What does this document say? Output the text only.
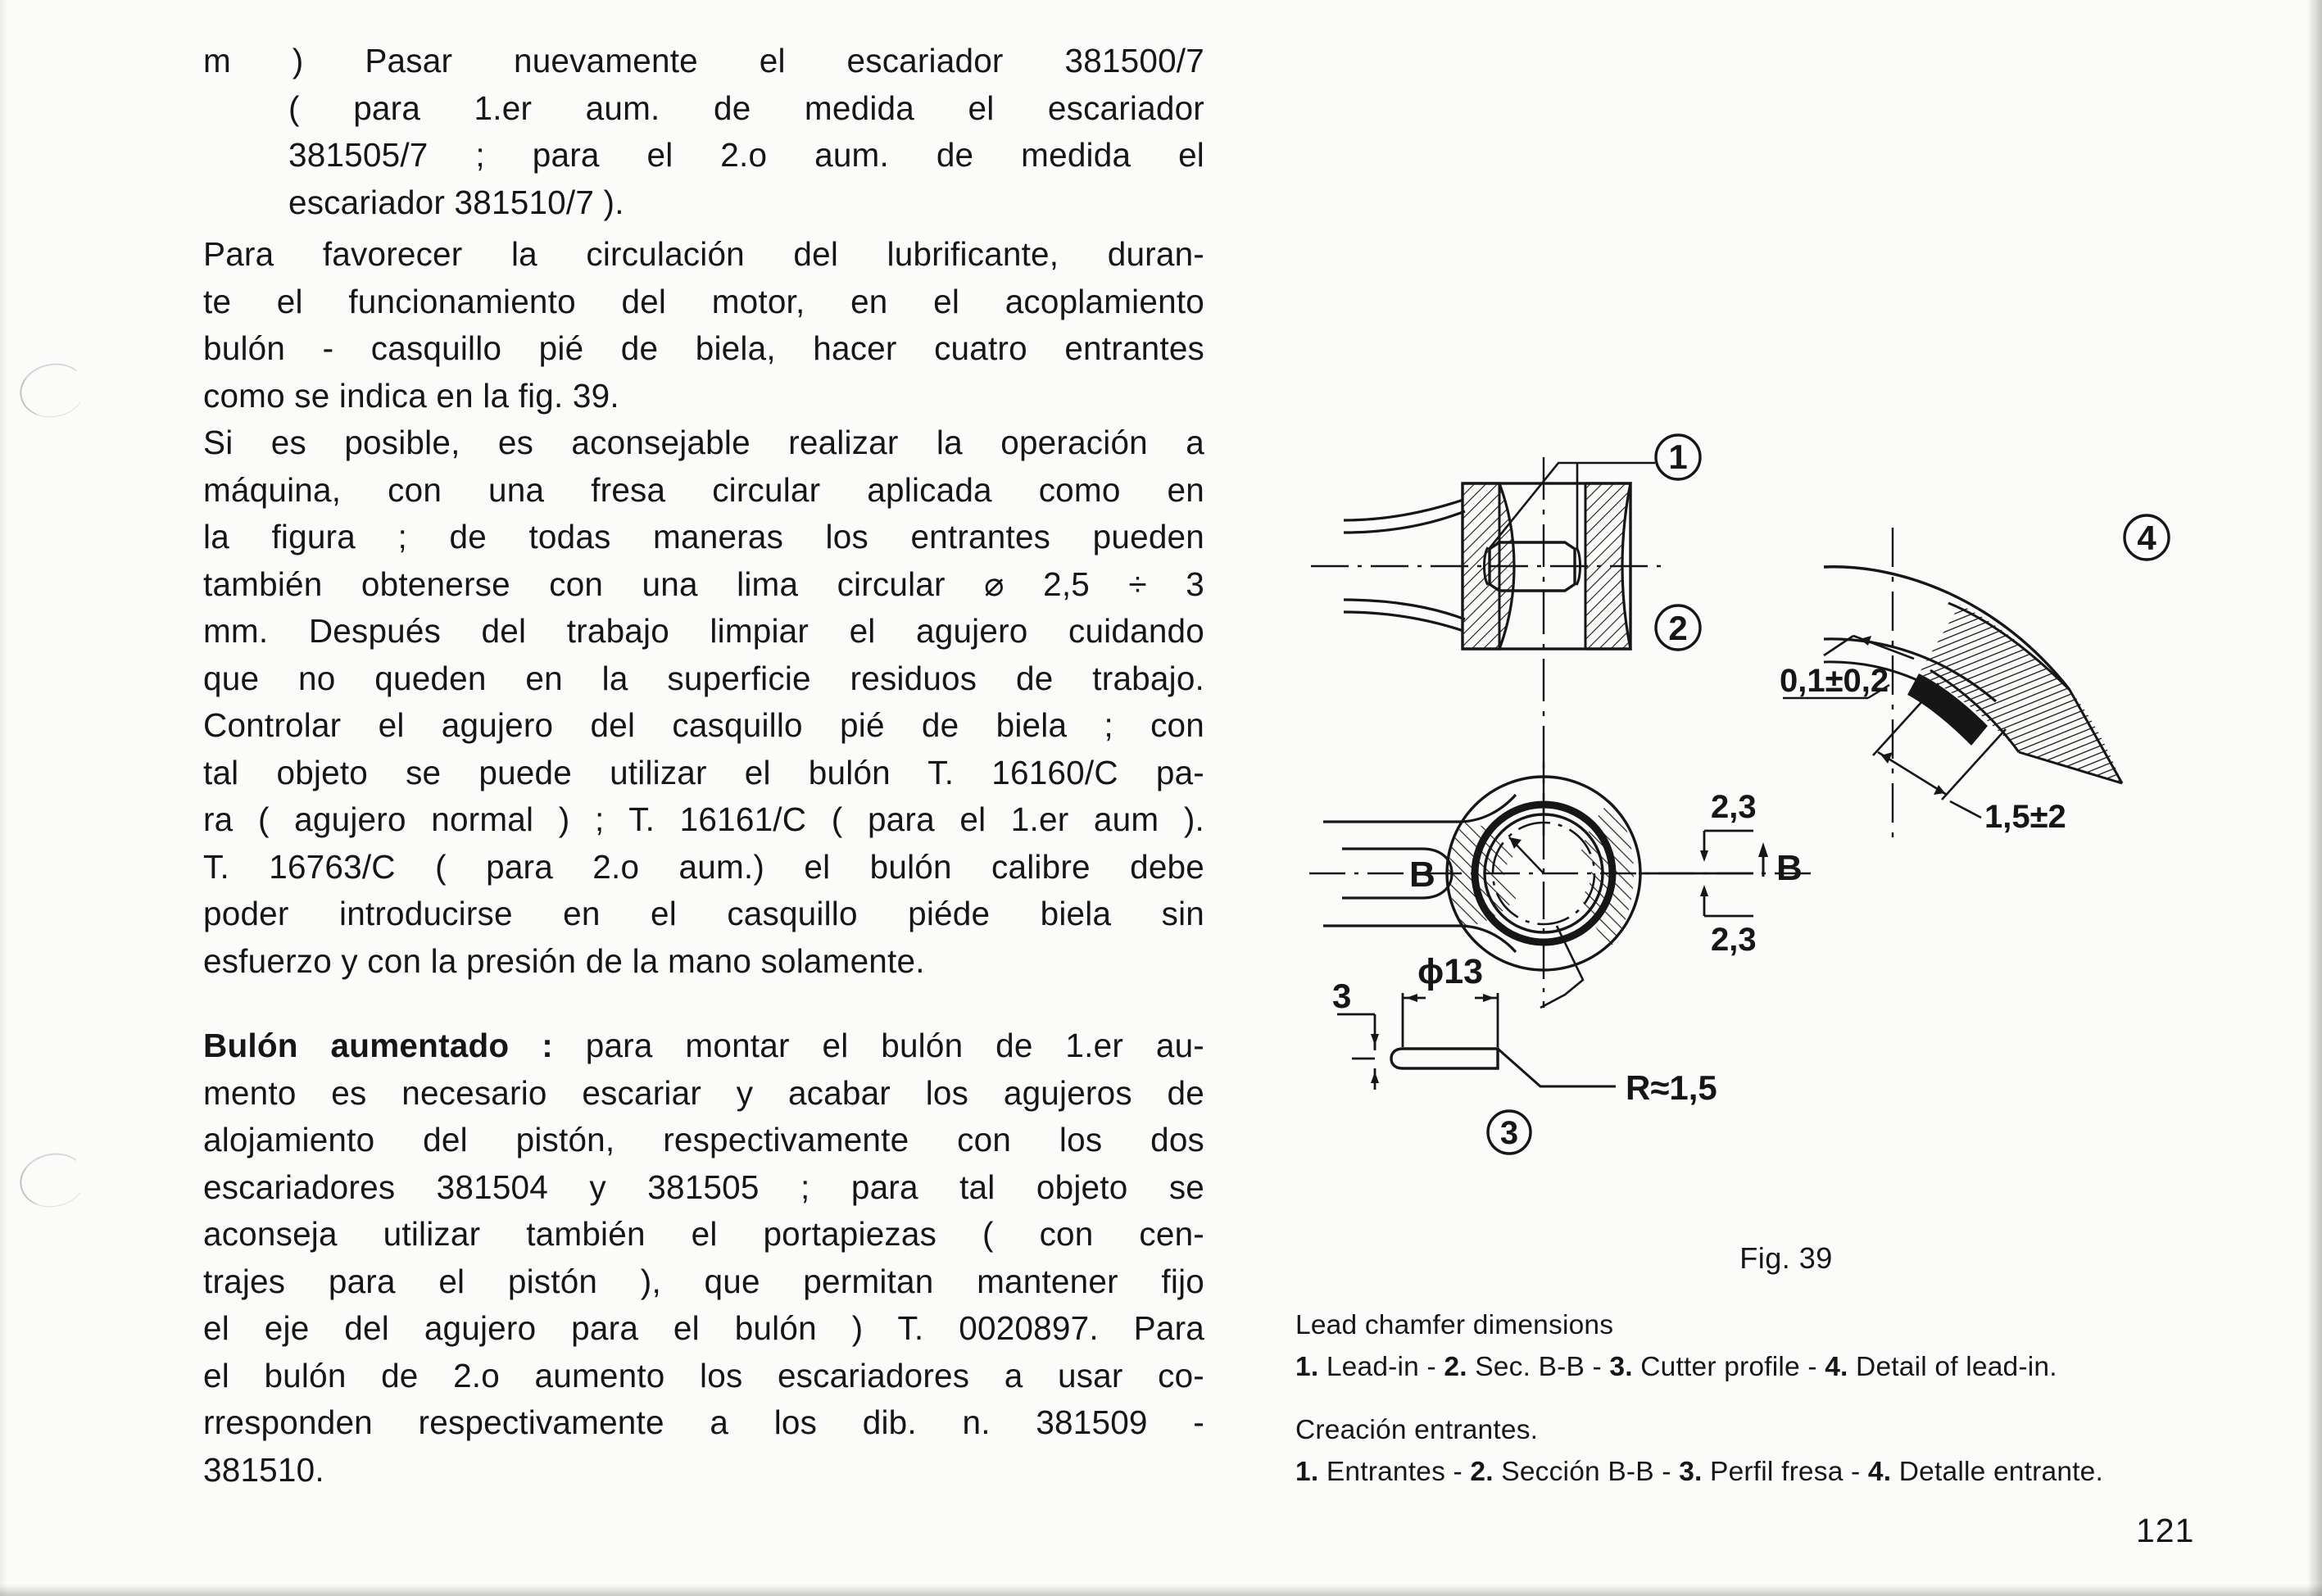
m ) Pasar nuevamente el escariador 381500/7
( para 1.er aum. de medida el escariador
381505/7 ; para el 2.o aum. de medida el
escariador 381510/7 ).
Para favorecer la circulación del lubrificante, duran-
te el funcionamiento del motor, en el acoplamiento
bulón - casquillo pié de biela, hacer cuatro entrantes
como se indica en la fig. 39.
Si es posible, es aconsejable realizar la operación a
máquina, con una fresa circular aplicada como en
la figura ; de todas maneras los entrantes pueden
también obtenerse con una lima circular ⌀ 2,5 ÷ 3
mm. Después del trabajo limpiar el agujero cuidando
que no queden en la superficie residuos de trabajo.
Controlar el agujero del casquillo pié de biela ; con
tal objeto se puede utilizar el bulón T. 16160/C pa-
ra ( agujero normal ) ; T. 16161/C ( para el 1.er aum ).
T. 16763/C ( para 2.o aum.) el bulón calibre debe
poder introducirse en el casquillo piéde biela sin
esfuerzo y con la presión de la mano solamente.
Bulón aumentado : para montar el bulón de 1.er au-
mento es necesario escariar y acabar los agujeros de
alojamiento del pistón, respectivamente con los dos
escariadores 381504 y 381505 ; para tal objeto se
aconseja utilizar también el portapiezas ( con cen-
trajes para el pistón ), que permitan mantener fijo
el eje del agujero para el bulón ) T. 0020897. Para
el bulón de 2.o aumento los escariadores a usar co-
rresponden respectivamente a los dib. n. 381509 -
381510.
1
2
B	B
2,3
2,3
3
ϕ13
R≈1,5
3
0,1±0,2
1,5±2
4
Fig. 39
Lead chamfer dimensions
1. Lead-in - 2. Sec. B-B - 3. Cutter profile - 4. Detail of lead-in.
Creación entrantes.
1. Entrantes - 2. Sección B-B - 3. Perfil fresa - 4. Detalle entrante.
121
